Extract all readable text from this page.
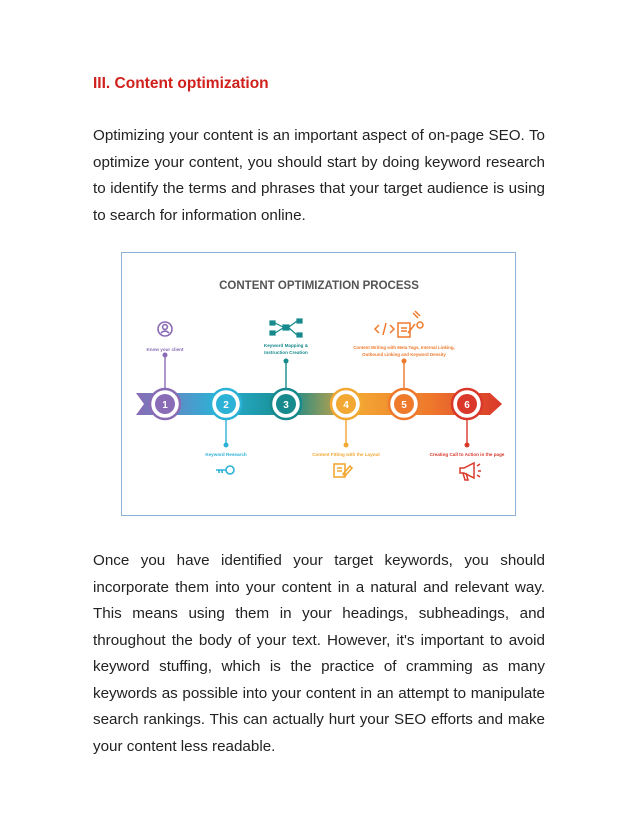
III. Content optimization

Optimizing your content is an important aspect of on-page SEO. To optimize your content, you should start by doing keyword research to identify the terms and phrases that your target audience is using to search for information online.

CONTENT OPTIMIZATION PROCESS
1	2	3	4	5	6
Know your client
Keyword Research
Keyword Mapping &
Instruction Creation
Content Fitting with the Layout
Content Writing with Meta Tags, Internal Linking,
Outbound Linking and Keyword Density
Creating Call to Action in the page

Once you have identified your target keywords, you should incorporate them into your content in a natural and relevant way. This means using them in your headings, subheadings, and throughout the body of your text. However, it's important to avoid keyword stuffing, which is the practice of cramming as many keywords as possible into your content in an attempt to manipulate search rankings. This can actually hurt your SEO efforts and make your content less readable.
